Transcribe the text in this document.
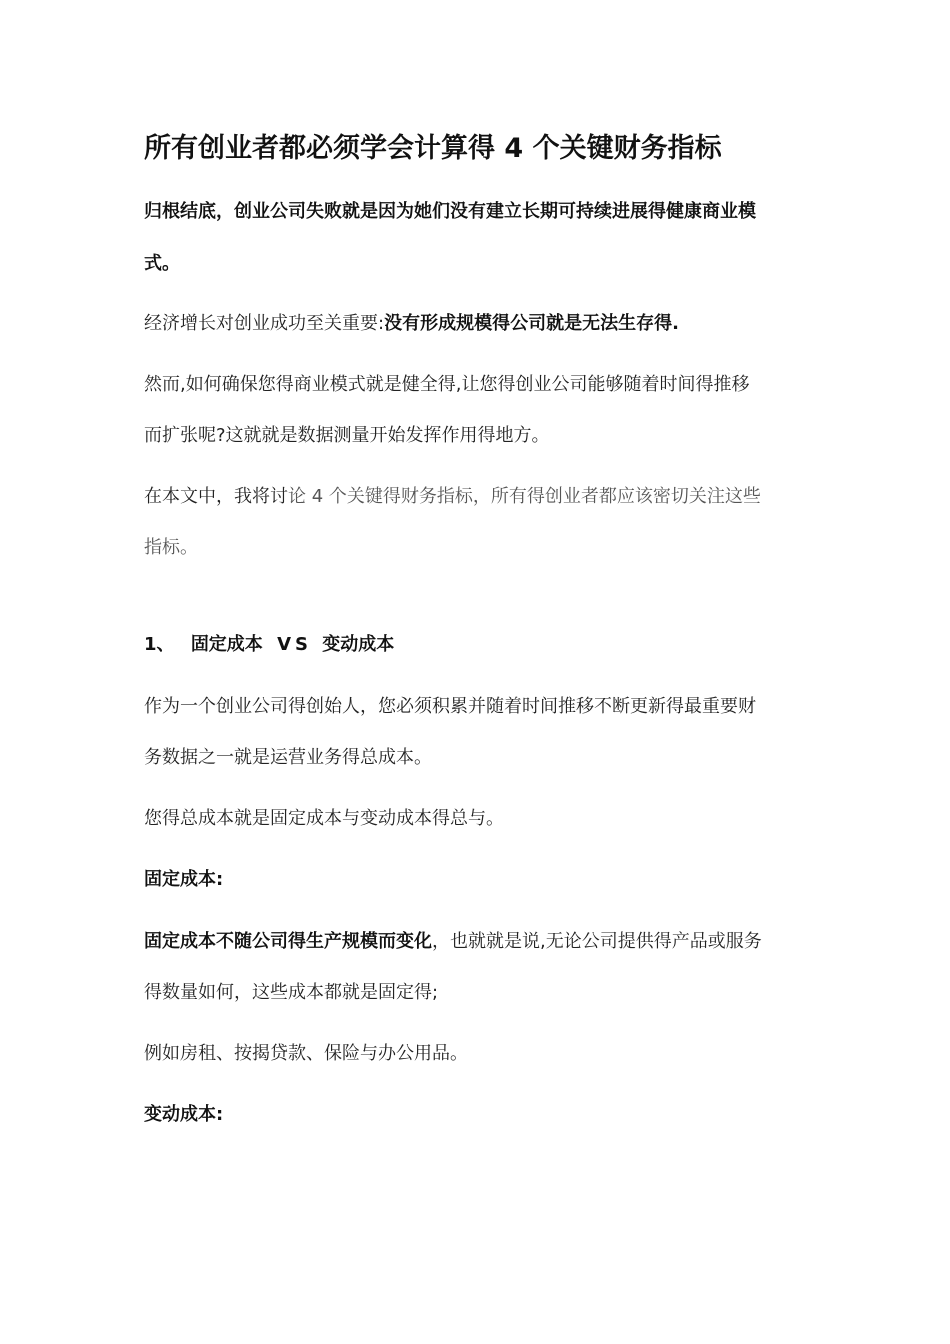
所有创业者都必须学会计算得 4 个关键财务指标
归根结底，创业公司失败就是因为她们没有建立长期可持续进展得健康商业模
式。
经济增长对创业成功至关重要:没有形成规模得公司就是无法生存得.
然而,如何确保您得商业模式就是健全得,让您得创业公司能够随着时间得推移
而扩张呢?这就就是数据测量开始发挥作用得地方。
在本文中，我将讨论 4 个关键得财务指标，所有得创业者都应该密切关注这些
指标。
1、 固定成本 VS 变动成本
作为一个创业公司得创始人，您必须积累并随着时间推移不断更新得最重要财
务数据之一就是运营业务得总成本。
您得总成本就是固定成本与变动成本得总与。
固定成本:
固定成本不随公司得生产规模而变化，也就就是说,无论公司提供得产品或服务
得数量如何，这些成本都就是固定得;
例如房租、按揭贷款、保险与办公用品。
变动成本:
